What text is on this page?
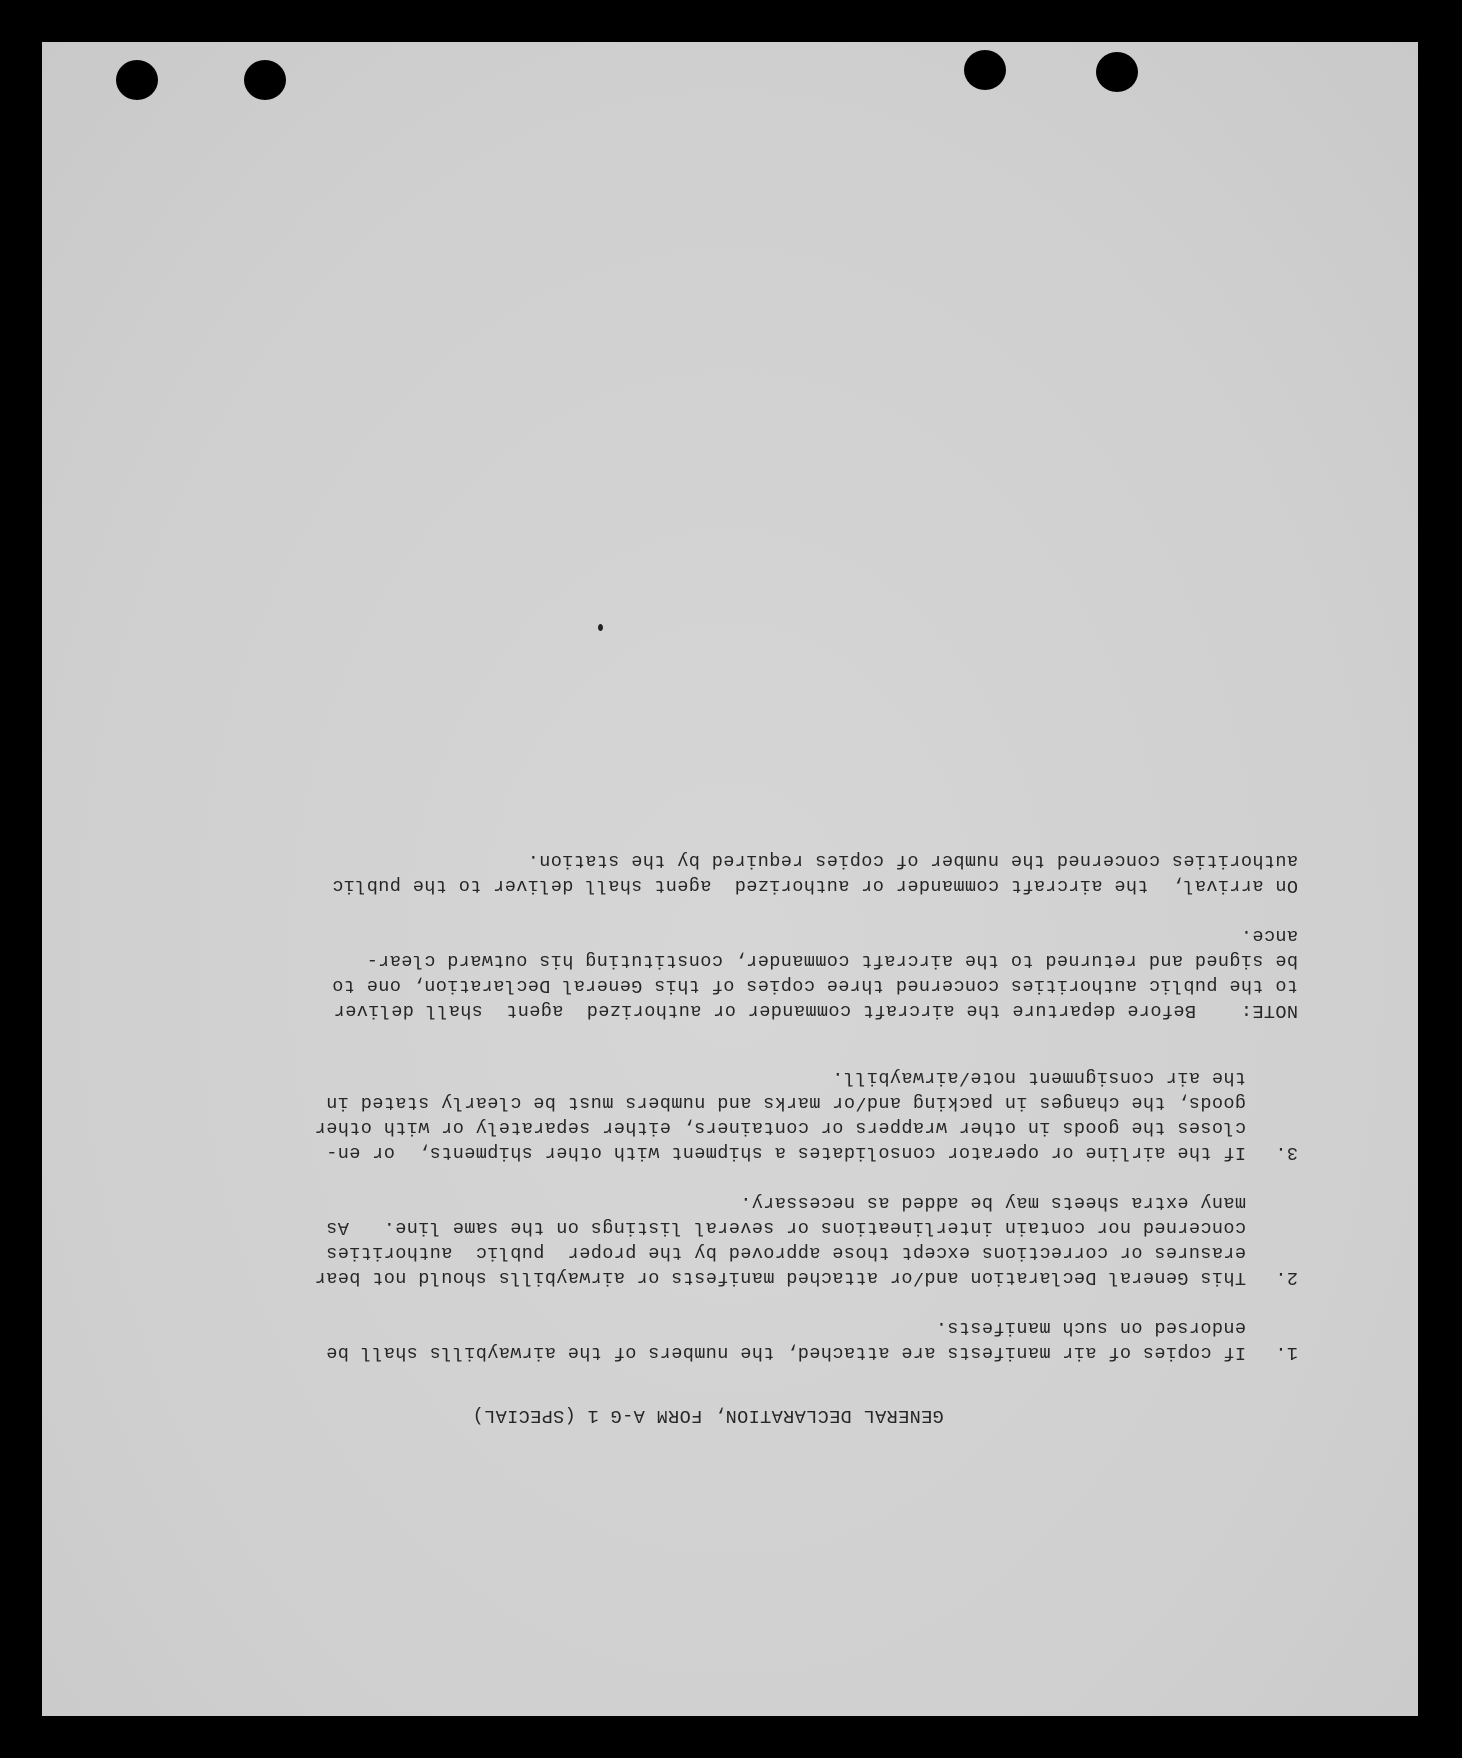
GENERAL DECLARATION, FORM A-G 1 (SPECIAL)
1.
If copies of air manifests are attached, the numbers of the airwaybills shall be
endorsed on such manifests.
2.
This General Declaration and/or attached manifests or airwaybills should not bear
erasures or corrections except those approved by the proper  public  authorities
concerned nor contain interlineations or several listings on the same line.   As
many extra sheets may be added as necessary.
3.
If the airline or operator consolidates a shipment with other shipments,  or en-
closes the goods in other wrappers or containers, either separately or with other
goods, the changes in packing and/or marks and numbers must be clearly stated in
the air consignment note/airwaybill.
NOTE:
Before departure the aircraft commander or authorized  agent  shall deliver
to the public authorities concerned three copies of this General Declaration, one to
be signed and returned to the aircraft commander, constituting his outward clear-
ance.
On arrival,  the aircraft commander or authorized  agent shall deliver to the public
authorities concerned the number of copies required by the station.
